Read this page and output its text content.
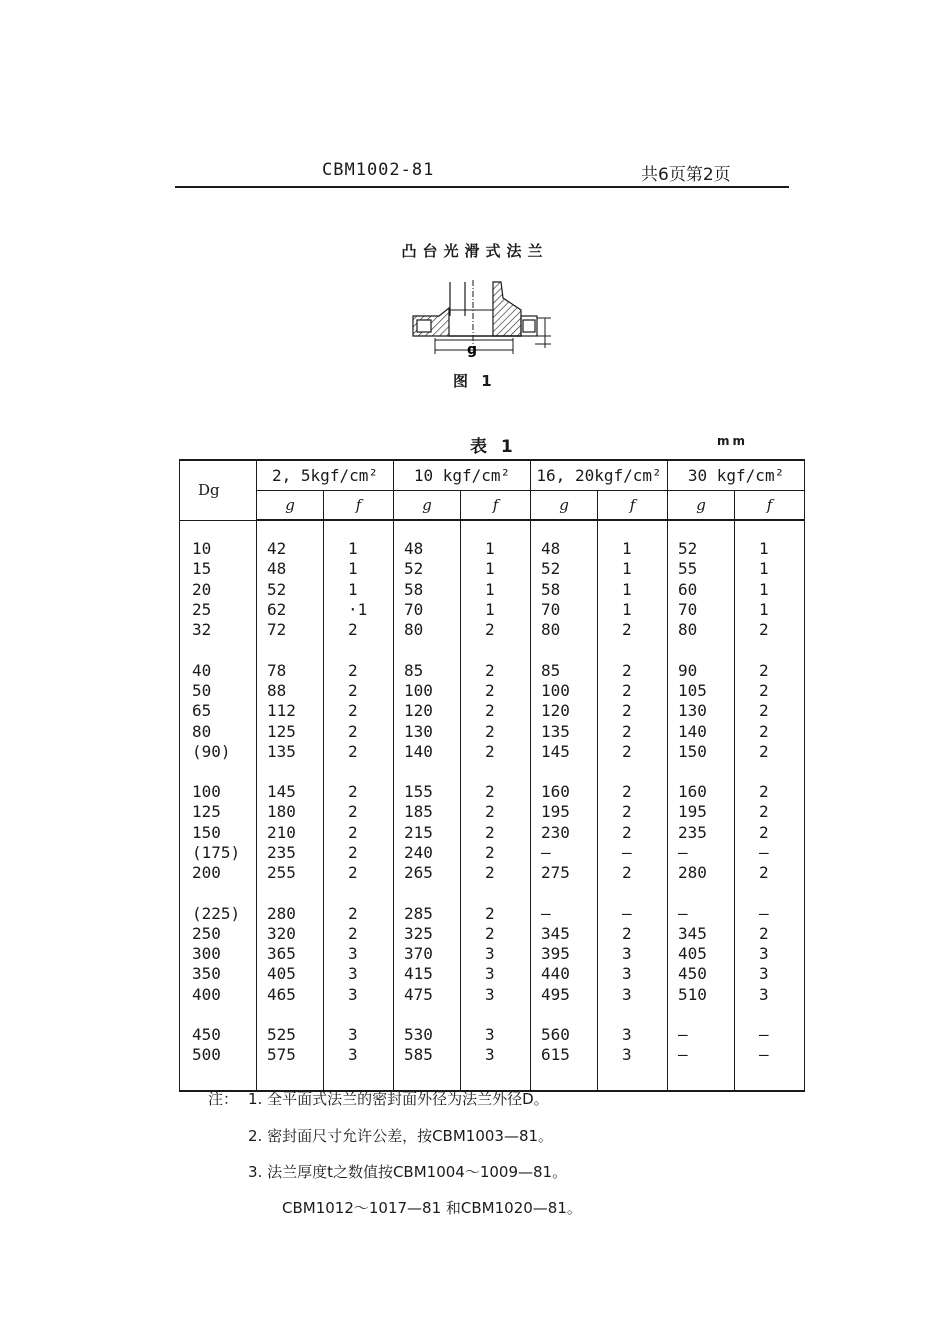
CBM1002-81	共6页第2页
凸台光滑式法兰
g
图 1
表 1	mm
Dg	2, 5kgf/cm²		10 kgf/cm²		16, 20kgf/cm²		30 kgf/cm²	
	g	f	g	f	g	f	g	f

10	42	1	48	1	48	1	52	1
15	48	1	52	1	52	1	55	1
20	52	1	58	1	58	1	60	1
25	62	·1	70	1	70	1	70	1
32	72	2	80	2	80	2	80	2

40	78	2	85	2	85	2	90	2
50	88	2	100	2	100	2	105	2
65	112	2	120	2	120	2	130	2
80	125	2	130	2	135	2	140	2
(90)	135	2	140	2	145	2	150	2

100	145	2	155	2	160	2	160	2
125	180	2	185	2	195	2	195	2
150	210	2	215	2	230	2	235	2
(175)	235	2	240	2	—	—	—	—
200	255	2	265	2	275	2	280	2

(225)	280	2	285	2	—	—	—	—
250	320	2	325	2	345	2	345	2
300	365	3	370	3	395	3	405	3
350	405	3	415	3	440	3	450	3
400	465	3	475	3	495	3	510	3

450	525	3	530	3	560	3	—	—
500	575	3	585	3	615	3	—	—

注： 1. 全平面式法兰的密封面外径为法兰外径D。
2. 密封面尺寸允许公差，按CBM1003—81。
3. 法兰厚度t之数值按CBM1004～1009—81。
CBM1012～1017—81 和CBM1020—81。
